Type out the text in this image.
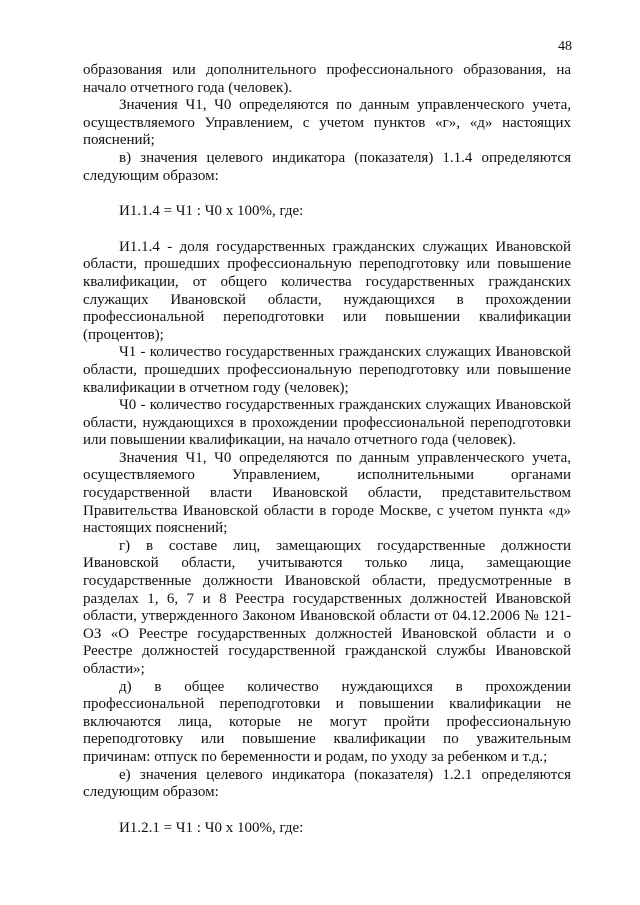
48

образования или дополнительного профессионального образования, на начало отчетного года (человек).

Значения Ч1, Ч0 определяются по данным управленческого учета, осуществляемого Управлением, с учетом пунктов «г», «д» настоящих пояснений;

в) значения целевого индикатора (показателя) 1.1.4 определяются следующим образом:

И1.1.4 = Ч1 : Ч0 х 100%, где:

И1.1.4 - доля государственных гражданских служащих Ивановской области, прошедших профессиональную переподготовку или повышение квалификации, от общего количества государственных гражданских служащих Ивановской области, нуждающихся в прохождении профессиональной переподготовки или повышении квалификации (процентов);

Ч1 - количество государственных гражданских служащих Ивановской области, прошедших профессиональную переподготовку или повышение квалификации в отчетном году (человек);

Ч0 - количество государственных гражданских служащих Ивановской области, нуждающихся в прохождении профессиональной переподготовки или повышении квалификации, на начало отчетного года (человек).

Значения Ч1, Ч0 определяются по данным управленческого учета, осуществляемого Управлением, исполнительными органами государственной власти Ивановской области, представительством Правительства Ивановской области в городе Москве, с учетом пункта «д» настоящих пояснений;

г) в составе лиц, замещающих государственные должности Ивановской области, учитываются только лица, замещающие государственные должности Ивановской области, предусмотренные в разделах 1, 6, 7 и 8 Реестра государственных должностей Ивановской области, утвержденного Законом Ивановской области от 04.12.2006 № 121-ОЗ «О Реестре государственных должностей Ивановской области и о Реестре должностей государственной гражданской службы Ивановской области»;

д) в общее количество нуждающихся в прохождении профессиональной переподготовки и повышении квалификации не включаются лица, которые не могут пройти профессиональную переподготовку или повышение квалификации по уважительным причинам: отпуск по беременности и родам, по уходу за ребенком и т.д.;

е) значения целевого индикатора (показателя) 1.2.1 определяются следующим образом:

И1.2.1 = Ч1 : Ч0 х 100%, где:
